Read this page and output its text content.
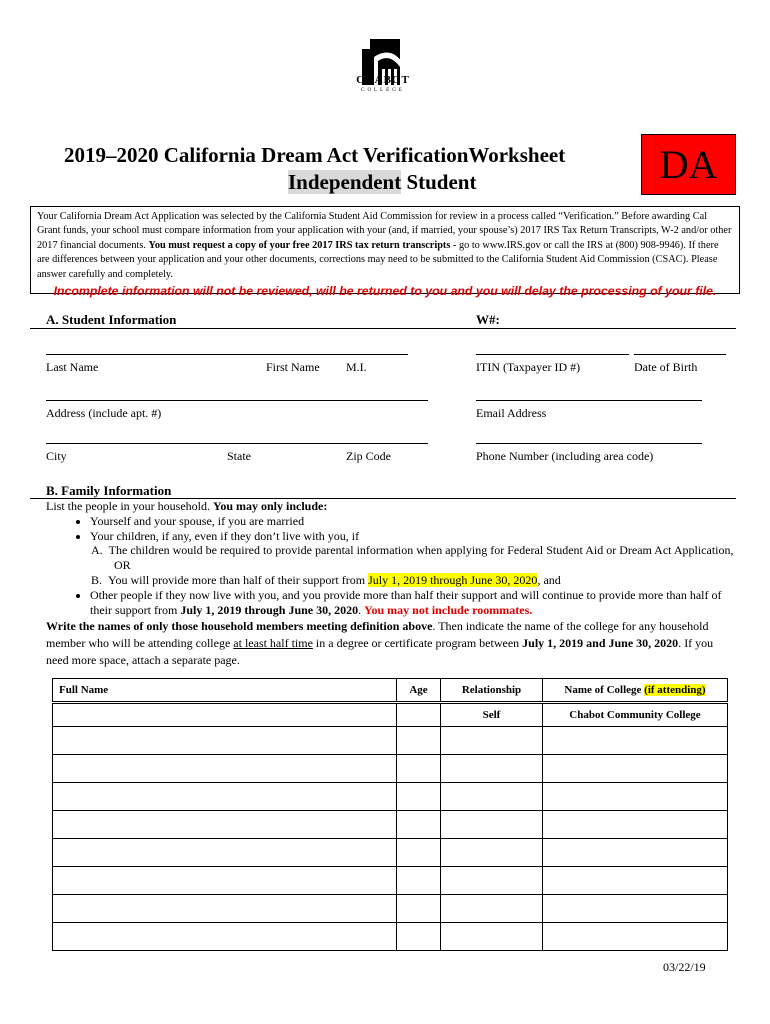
CHABOT
COLLEGE
2019–2020 California Dream Act VerificationWorksheet
Independent Student	DA
Your California Dream Act Application was selected by the California Student Aid Commission for review in a process called “Verification.” Before awarding Cal Grant funds, your school must compare information from your application with your (and, if married, your spouse’s) 2017 IRS Tax Return Transcripts, W-2 and/or other 2017 financial documents. You must request a copy of your free 2017 IRS tax return transcripts - go to www.IRS.gov or call the IRS at (800) 908-9946). If there are differences between your application and your other documents, corrections may need to be submitted to the California Student Aid Commission (CSAC). Please answer carefully and completely.
Incomplete information will not be reviewed, will be returned to you and you will delay the processing of your file.
A. Student Information	W#:
Last Name	First Name M.I.	ITIN (Taxpayer ID #)	Date of Birth
Address (include apt. #)	Email Address
City	State	Zip Code	Phone Number (including area code)
B. Family Information
List the people in your household. You may only include:
• Yourself and your spouse, if you are married
• Your children, if any, even if they don’t live with you, if
A. The children would be required to provide parental information when applying for Federal Student Aid or Dream Act Application, OR
B. You will provide more than half of their support from July 1, 2019 through June 30, 2020, and
• Other people if they now live with you, and you provide more than half their support and will continue to provide more than half of their support from July 1, 2019 through June 30, 2020. You may not include roommates.
Write the names of only those household members meeting definition above. Then indicate the name of the college for any household member who will be attending college at least half time in a degree or certificate program between July 1, 2019 and June 30, 2020. If you need more space, attach a separate page.
Full Name	Age	Relationship	Name of College (if attending)
		Self	Chabot Community College

03/22/19
